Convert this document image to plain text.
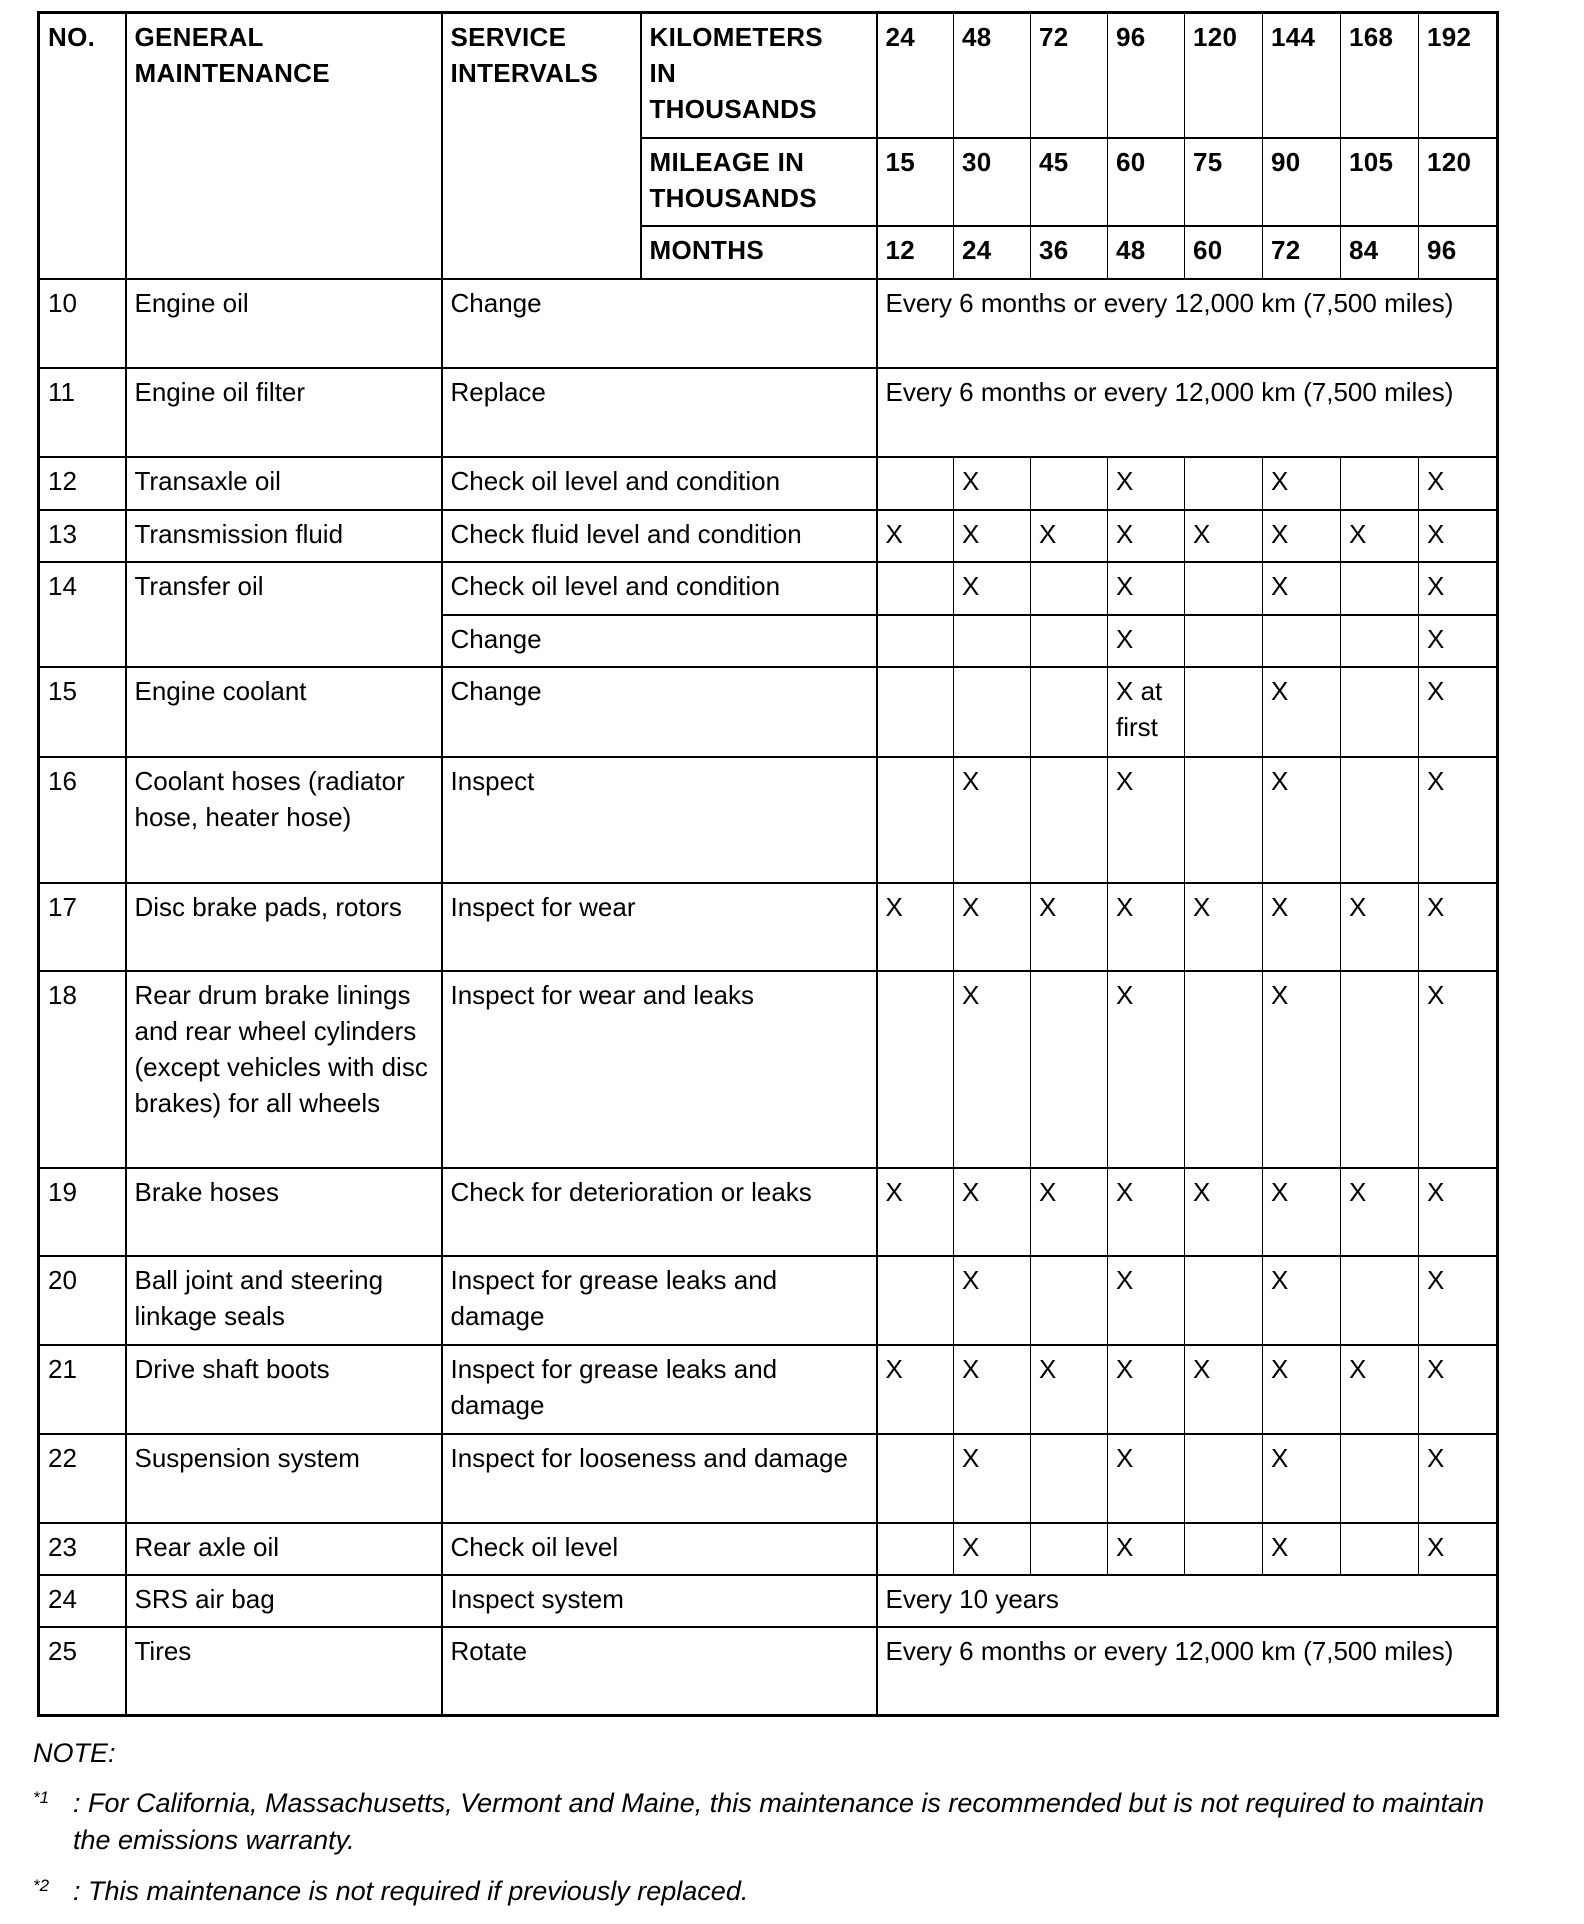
NO.	GENERAL MAINTENANCE	SERVICE INTERVALS	KILOMETERS IN THOUSANDS	24	48	72	96	120	144	168	192
			MILEAGE IN THOUSANDS	15	30	45	60	75	90	105	120
			MONTHS	12	24	36	48	60	72	84	96
10	Engine oil	Change		Every 6 months or every 12,000 km (7,500 miles)							
11	Engine oil filter	Replace		Every 6 months or every 12,000 km (7,500 miles)							
12	Transaxle oil	Check oil level and condition			X		X		X		X
13	Transmission fluid	Check fluid level and condition		X	X	X	X	X	X	X	X
14	Transfer oil	Check oil level and condition			X		X		X		X
		Change					X				X
15	Engine coolant	Change					X at first		X		X
16	Coolant hoses (radiator hose, heater hose)	Inspect			X		X		X		X
17	Disc brake pads, rotors	Inspect for wear		X	X	X	X	X	X	X	X
18	Rear drum brake linings and rear wheel cylinders (except vehicles with disc brakes) for all wheels	Inspect for wear and leaks			X		X		X		X
19	Brake hoses	Check for deterioration or leaks		X	X	X	X	X	X	X	X
20	Ball joint and steering linkage seals	Inspect for grease leaks and damage			X		X		X		X
21	Drive shaft boots	Inspect for grease leaks and damage		X	X	X	X	X	X	X	X
22	Suspension system	Inspect for looseness and damage			X		X		X		X
23	Rear axle oil	Check oil level			X		X		X		X
24	SRS air bag	Inspect system		Every 10 years							
25	Tires	Rotate		Every 6 months or every 12,000 km (7,500 miles)							
NOTE:
$^{*1}$ : For California, Massachusetts, Vermont and Maine, this maintenance is recommended but is not required to maintain the emissions warranty.
$^{*2}$ : This maintenance is not required if previously replaced.
